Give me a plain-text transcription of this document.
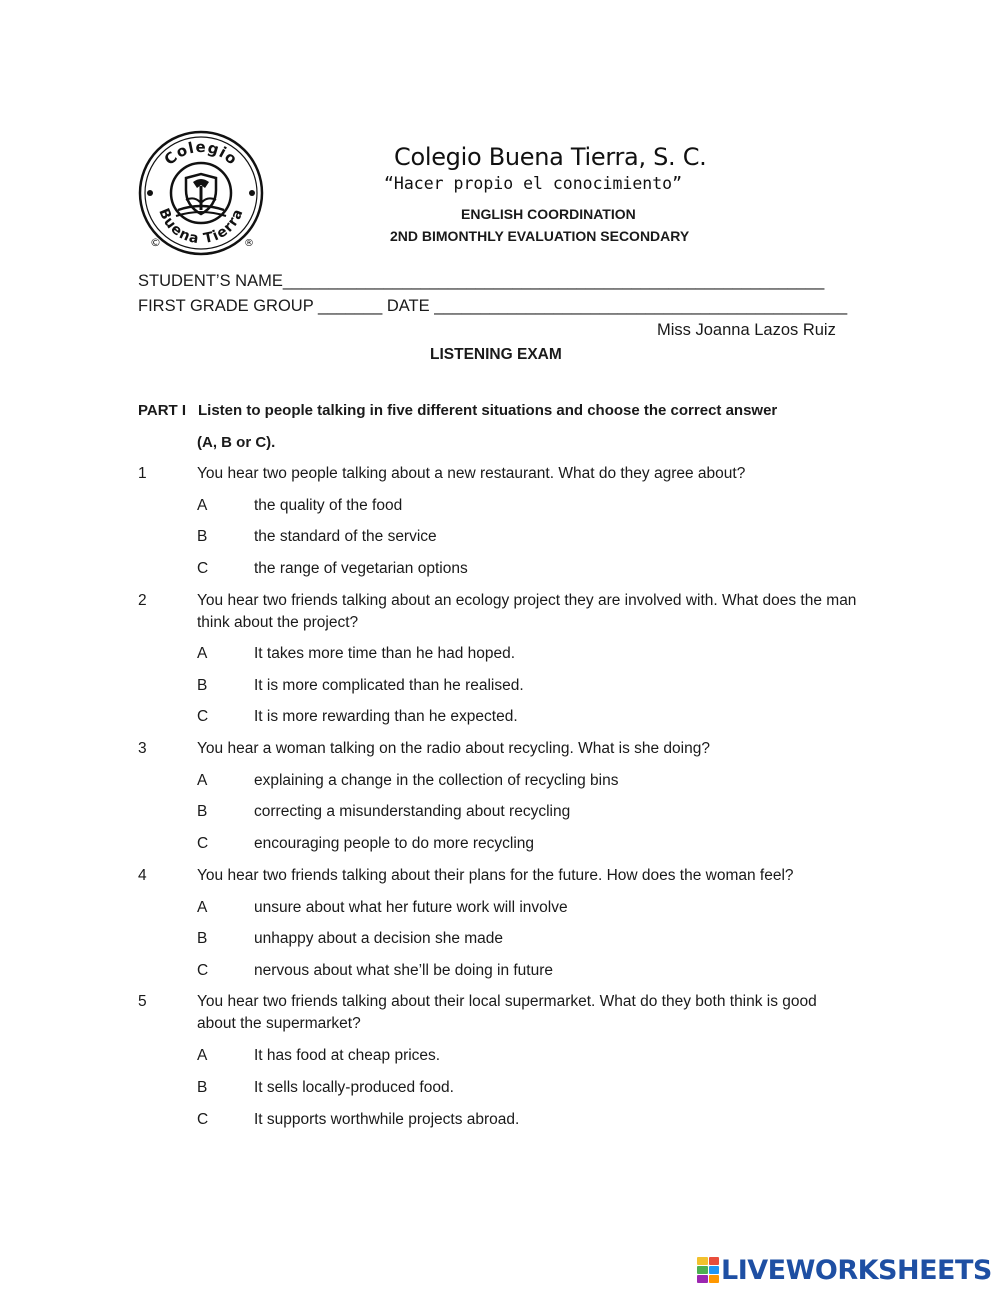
Colegio
Buena Tierra
©	®
Colegio Buena Tierra, S. C.
“Hacer propio el conocimiento”
ENGLISH COORDINATION
2ND BIMONTHLY EVALUATION SECONDARY
STUDENT’S NAME___________________________________________________________
FIRST GRADE GROUP _______ DATE _____________________________________________
Miss Joanna Lazos Ruiz
LISTENING EXAM
PART I Listen to people talking in five different situations and choose the correct answer
(A, B or C).
1	You hear two people talking about a new restaurant. What do they agree about?
A	the quality of the food
B	the standard of the service
C	the range of vegetarian options
2	You hear two friends talking about an ecology project they are involved with. What does the man think about the project?
A	It takes more time than he had hoped.
B	It is more complicated than he realised.
C	It is more rewarding than he expected.
3	You hear a woman talking on the radio about recycling. What is she doing?
A	explaining a change in the collection of recycling bins
B	correcting a misunderstanding about recycling
C	encouraging people to do more recycling
4	You hear two friends talking about their plans for the future. How does the woman feel?
A	unsure about what her future work will involve
B	unhappy about a decision she made
C	nervous about what she’ll be doing in future
5	You hear two friends talking about their local supermarket. What do they both think is good about the supermarket?
A	It has food at cheap prices.
B	It sells locally-produced food.
C	It supports worthwhile projects abroad.
LIVEWORKSHEETS
